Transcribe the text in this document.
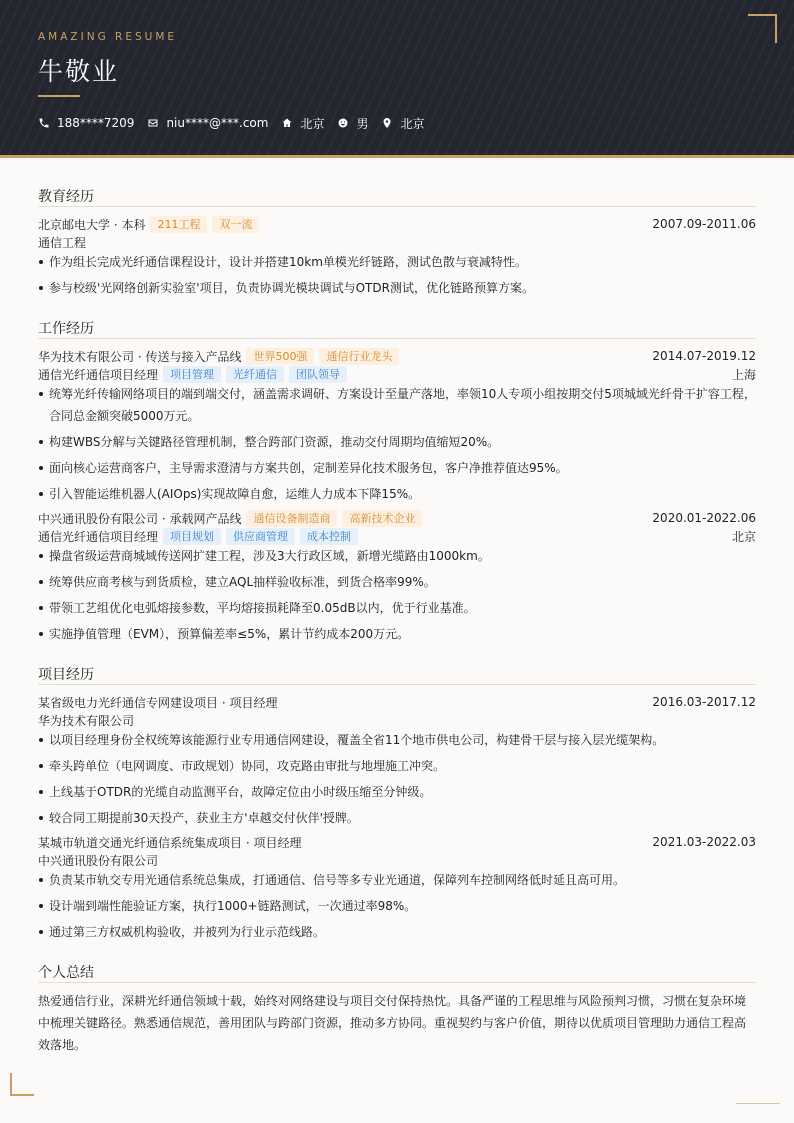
AMAZING RESUME
牛敬业
188****7209	niu****@***.com	北京	男	北京
教育经历
北京邮电大学 · 本科	211工程	双一流	2007.09-2011.06
通信工程
作为组长完成光纤通信课程设计，设计并搭建10km单模光纤链路，测试色散与衰减特性。
参与校级'光网络创新实验室'项目，负责协调光模块调试与OTDR测试，优化链路预算方案。
工作经历
华为技术有限公司 · 传送与接入产品线	世界500强	通信行业龙头	2014.07-2019.12
通信光纤通信项目经理	项目管理	光纤通信	团队领导	上海
统筹光纤传输网络项目的端到端交付，涵盖需求调研、方案设计至量产落地，率领10人专项小组按期交付5项城域光纤骨干扩容工程，合同总金额突破5000万元。
构建WBS分解与关键路径管理机制，整合跨部门资源，推动交付周期均值缩短20%。
面向核心运营商客户，主导需求澄清与方案共创，定制差异化技术服务包，客户净推荐值达95%。
引入智能运维机器人(AIOps)实现故障自愈，运维人力成本下降15%。
中兴通讯股份有限公司 · 承载网产品线	通信设备制造商	高新技术企业	2020.01-2022.06
通信光纤通信项目经理	项目规划	供应商管理	成本控制	北京
操盘省级运营商城域传送网扩建工程，涉及3大行政区域，新增光缆路由1000km。
统筹供应商考核与到货质检，建立AQL抽样验收标准，到货合格率99%。
带领工艺组优化电弧熔接参数，平均熔接损耗降至0.05dB以内，优于行业基准。
实施挣值管理（EVM），预算偏差率≤5%，累计节约成本200万元。
项目经历
某省级电力光纤通信专网建设项目 · 项目经理	2016.03-2017.12
华为技术有限公司
以项目经理身份全权统筹该能源行业专用通信网建设，覆盖全省11个地市供电公司，构建骨干层与接入层光缆架构。
牵头跨单位（电网调度、市政规划）协同，攻克路由审批与地埋施工冲突。
上线基于OTDR的光缆自动监测平台，故障定位由小时级压缩至分钟级。
较合同工期提前30天投产，获业主方'卓越交付伙伴'授牌。
某城市轨道交通光纤通信系统集成项目 · 项目经理	2021.03-2022.03
中兴通讯股份有限公司
负责某市轨交专用光通信系统总集成，打通通信、信号等多专业光通道，保障列车控制网络低时延且高可用。
设计端到端性能验证方案，执行1000+链路测试，一次通过率98%。
通过第三方权威机构验收，并被列为行业示范线路。
个人总结
热爱通信行业，深耕光纤通信领域十载，始终对网络建设与项目交付保持热忱。具备严谨的工程思维与风险预判习惯，习惯在复杂环境中梳理关键路径。熟悉通信规范，善用团队与跨部门资源，推动多方协同。重视契约与客户价值，期待以优质项目管理助力通信工程高效落地。
